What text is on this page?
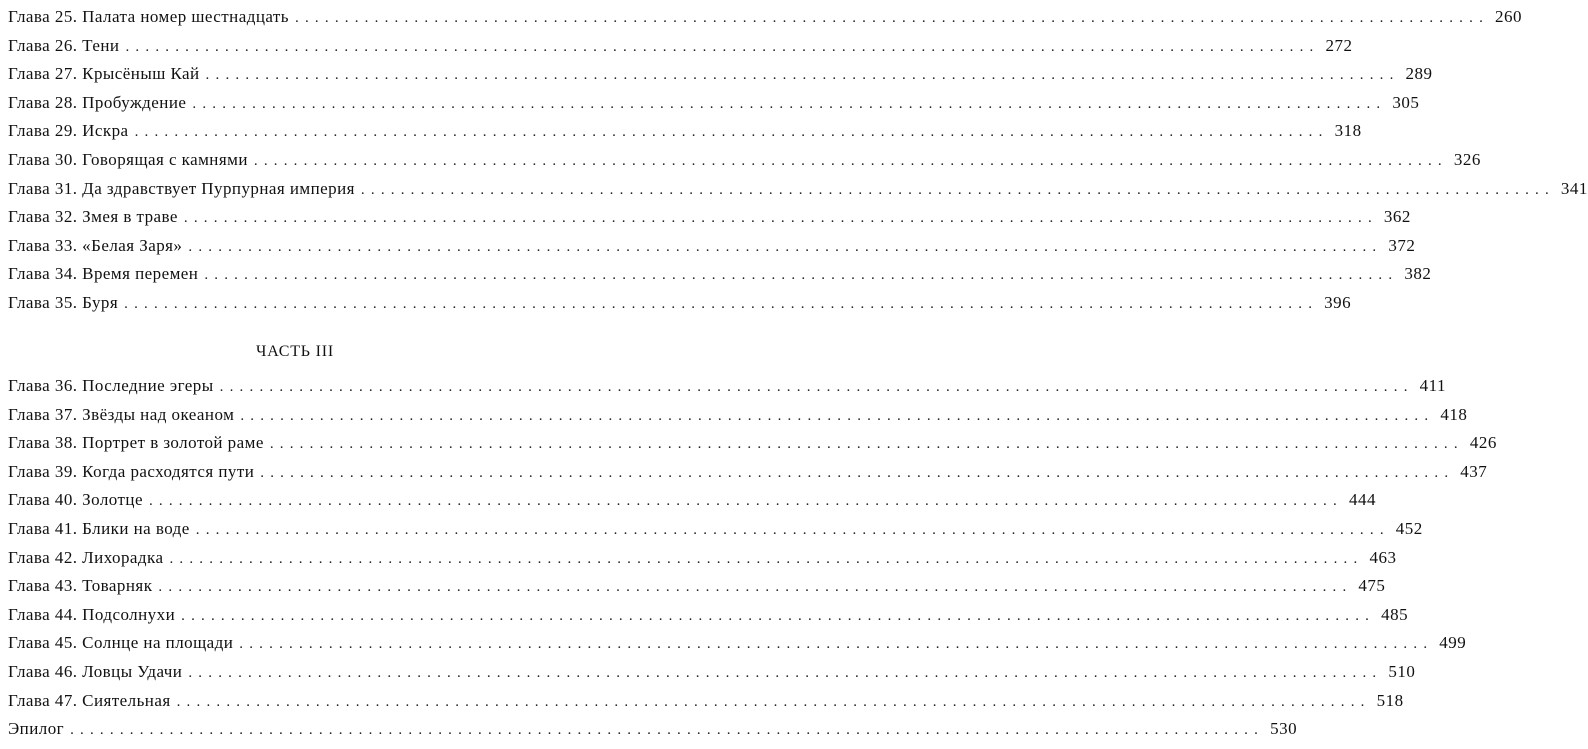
Глава 25. Палата номер шестнадцать ........................................................................................................................ 260
Глава 26. Тени ........................................................................................................................ 272
Глава 27. Крысёныш Кай ........................................................................................................................ 289
Глава 28. Пробуждение ........................................................................................................................ 305
Глава 29. Искра ........................................................................................................................ 318
Глава 30. Говорящая с камнями ........................................................................................................................ 326
Глава 31. Да здравствует Пурпурная империя ........................................................................................................................ 341
Глава 32. Змея в траве ........................................................................................................................ 362
Глава 33. «Белая Заря» ........................................................................................................................ 372
Глава 34. Время перемен ........................................................................................................................ 382
Глава 35. Буря ........................................................................................................................ 396
ЧАСТЬ III
Глава 36. Последние эгеры ........................................................................................................................ 411
Глава 37. Звёзды над океаном ........................................................................................................................ 418
Глава 38. Портрет в золотой раме ........................................................................................................................ 426
Глава 39. Когда расходятся пути ........................................................................................................................ 437
Глава 40. Золотце ........................................................................................................................ 444
Глава 41. Блики на воде ........................................................................................................................ 452
Глава 42. Лихорадка ........................................................................................................................ 463
Глава 43. Товарняк ........................................................................................................................ 475
Глава 44. Подсолнухи ........................................................................................................................ 485
Глава 45. Солнце на площади ........................................................................................................................ 499
Глава 46. Ловцы Удачи ........................................................................................................................ 510
Глава 47. Сиятельная ........................................................................................................................ 518
Эпилог ........................................................................................................................ 530
